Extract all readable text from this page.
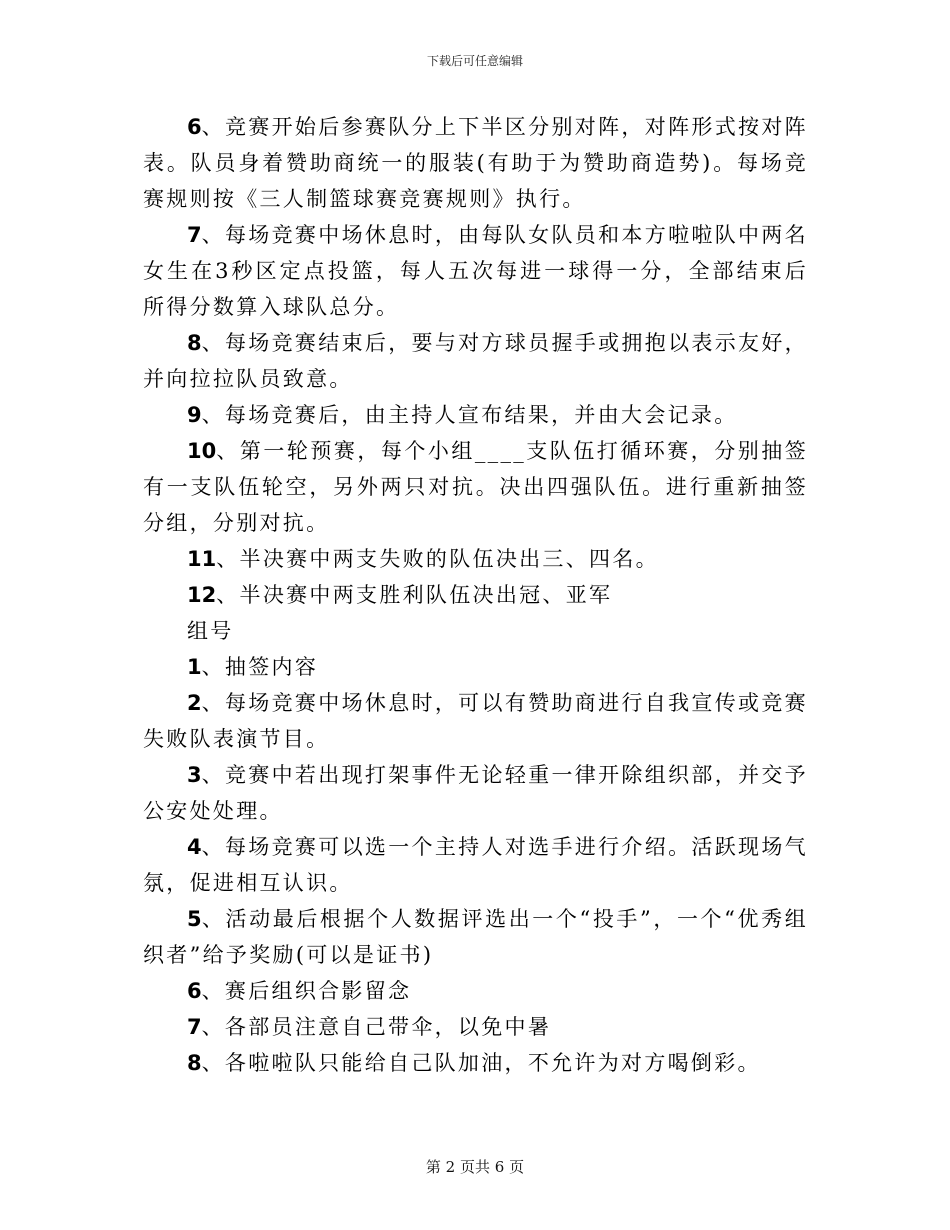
下载后可任意编辑

6、竞赛开始后参赛队分上下半区分别对阵，对阵形式按对阵表。队员身着赞助商统一的服装(有助于为赞助商造势)。每场竞赛规则按《三人制篮球赛竞赛规则》执行。

7、每场竞赛中场休息时，由每队女队员和本方啦啦队中两名女生在3秒区定点投篮，每人五次每进一球得一分，全部结束后所得分数算入球队总分。

8、每场竞赛结束后，要与对方球员握手或拥抱以表示友好，并向拉拉队员致意。

9、每场竞赛后，由主持人宣布结果，并由大会记录。

10、第一轮预赛，每个小组____支队伍打循环赛，分别抽签有一支队伍轮空，另外两只对抗。决出四强队伍。进行重新抽签分组，分别对抗。

11、半决赛中两支失败的队伍决出三、四名。

12、半决赛中两支胜利队伍决出冠、亚军

组号

1、抽签内容

2、每场竞赛中场休息时，可以有赞助商进行自我宣传或竞赛失败队表演节目。

3、竞赛中若出现打架事件无论轻重一律开除组织部，并交予公安处处理。

4、每场竞赛可以选一个主持人对选手进行介绍。活跃现场气氛，促进相互认识。

5、活动最后根据个人数据评选出一个“投手”，一个“优秀组织者”给予奖励(可以是证书)

6、赛后组织合影留念

7、各部员注意自己带伞，以免中暑

8、各啦啦队只能给自己队加油，不允许为对方喝倒彩。

第 2 页共 6 页
